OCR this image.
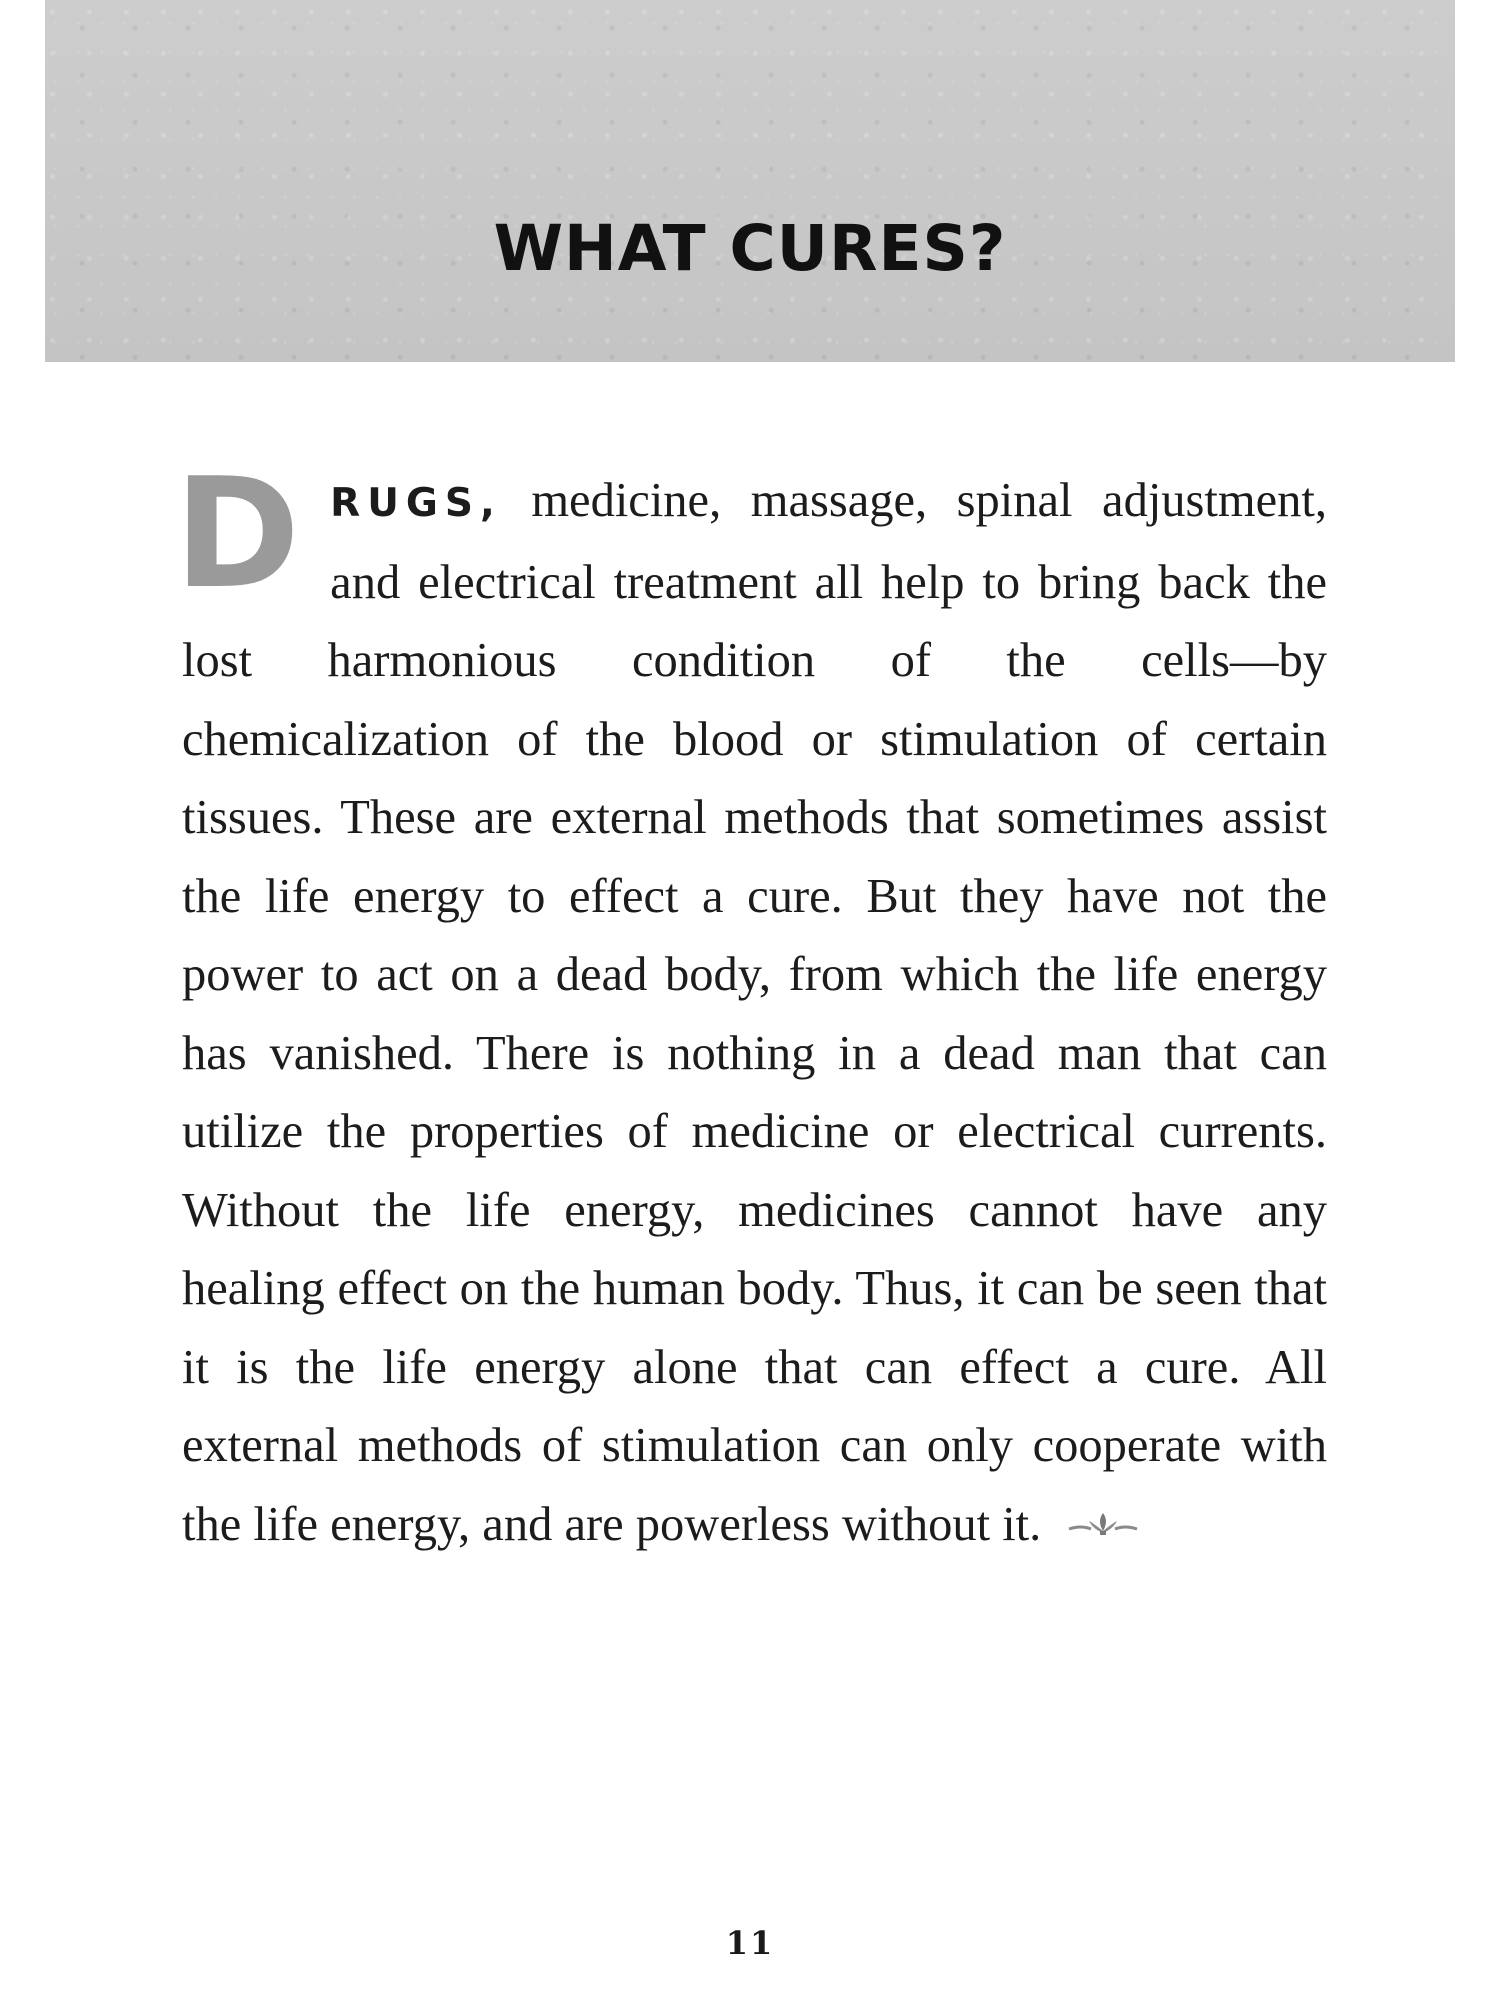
WHAT CURES?

D RUGS, medicine, massage, spinal adjustment, and electrical treatment all help to bring back the lost harmonious condition of the cells—by chemicalization of the blood or stimulation of certain tissues. These are external methods that sometimes assist the life energy to effect a cure. But they have not the power to act on a dead body, from which the life energy has vanished. There is nothing in a dead man that can utilize the properties of medicine or electrical currents. Without the life energy, medicines cannot have any healing effect on the human body. Thus, it can be seen that it is the life energy alone that can effect a cure. All external methods of stimulation can only cooperate with the life energy, and are powerless without it.

11
